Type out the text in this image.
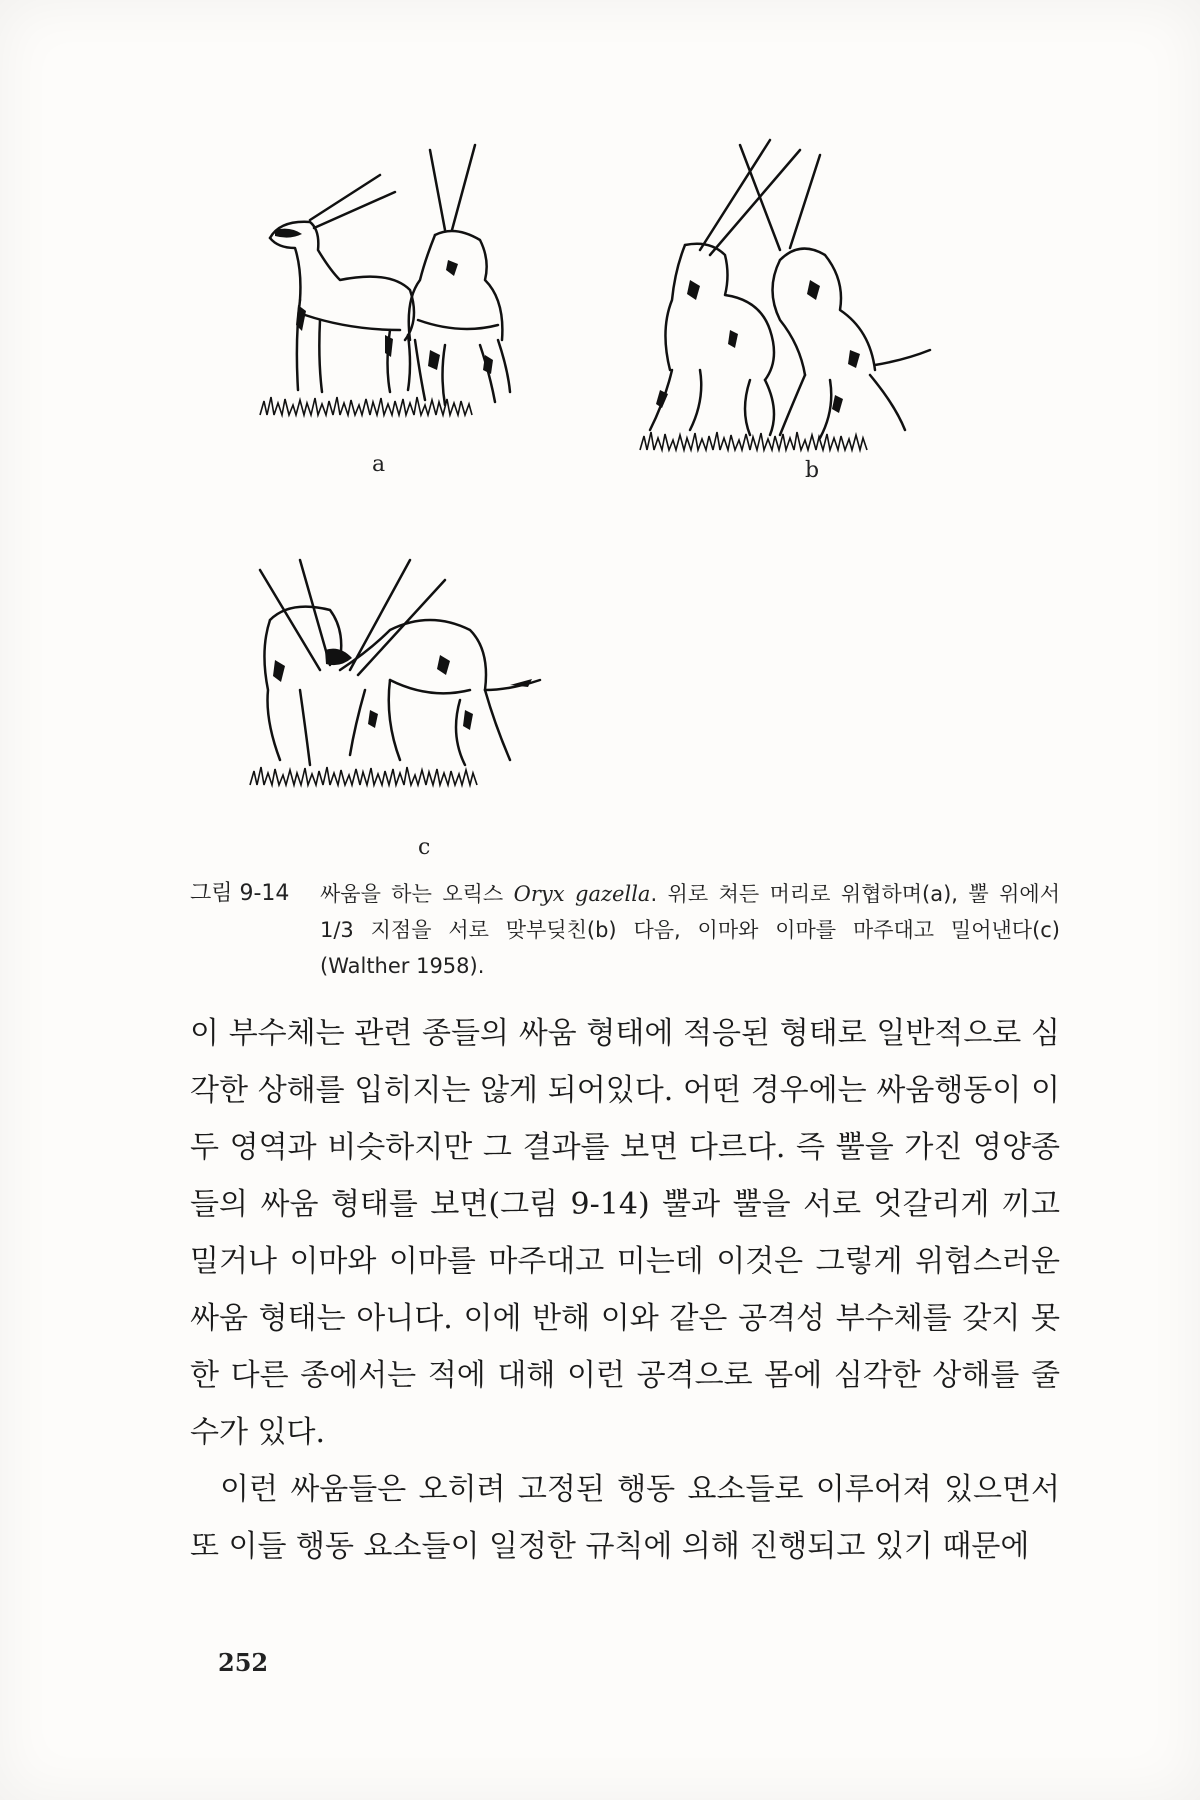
a	b
c
그림 9-14	싸움을 하는 오릭스 Oryx gazella. 위로 쳐든 머리로 위협하며(a), 뿔 위에서 1/3 지점을 서로 맞부딪친(b) 다음, 이마와 이마를 마주대고 밀어낸다(c)(Walther 1958).

이 부수체는 관련 종들의 싸움 형태에 적응된 형태로 일반적으로 심각한 상해를 입히지는 않게 되어있다. 어떤 경우에는 싸움행동이 이 두 영역과 비슷하지만 그 결과를 보면 다르다. 즉 뿔을 가진 영양종들의 싸움 형태를 보면(그림 9-14) 뿔과 뿔을 서로 엇갈리게 끼고 밀거나 이마와 이마를 마주대고 미는데 이것은 그렇게 위험스러운 싸움 형태는 아니다. 이에 반해 이와 같은 공격성 부수체를 갖지 못한 다른 종에서는 적에 대해 이런 공격으로 몸에 심각한 상해를 줄 수가 있다.

이런 싸움들은 오히려 고정된 행동 요소들로 이루어져 있으면서 또 이들 행동 요소들이 일정한 규칙에 의해 진행되고 있기 때문에

252
